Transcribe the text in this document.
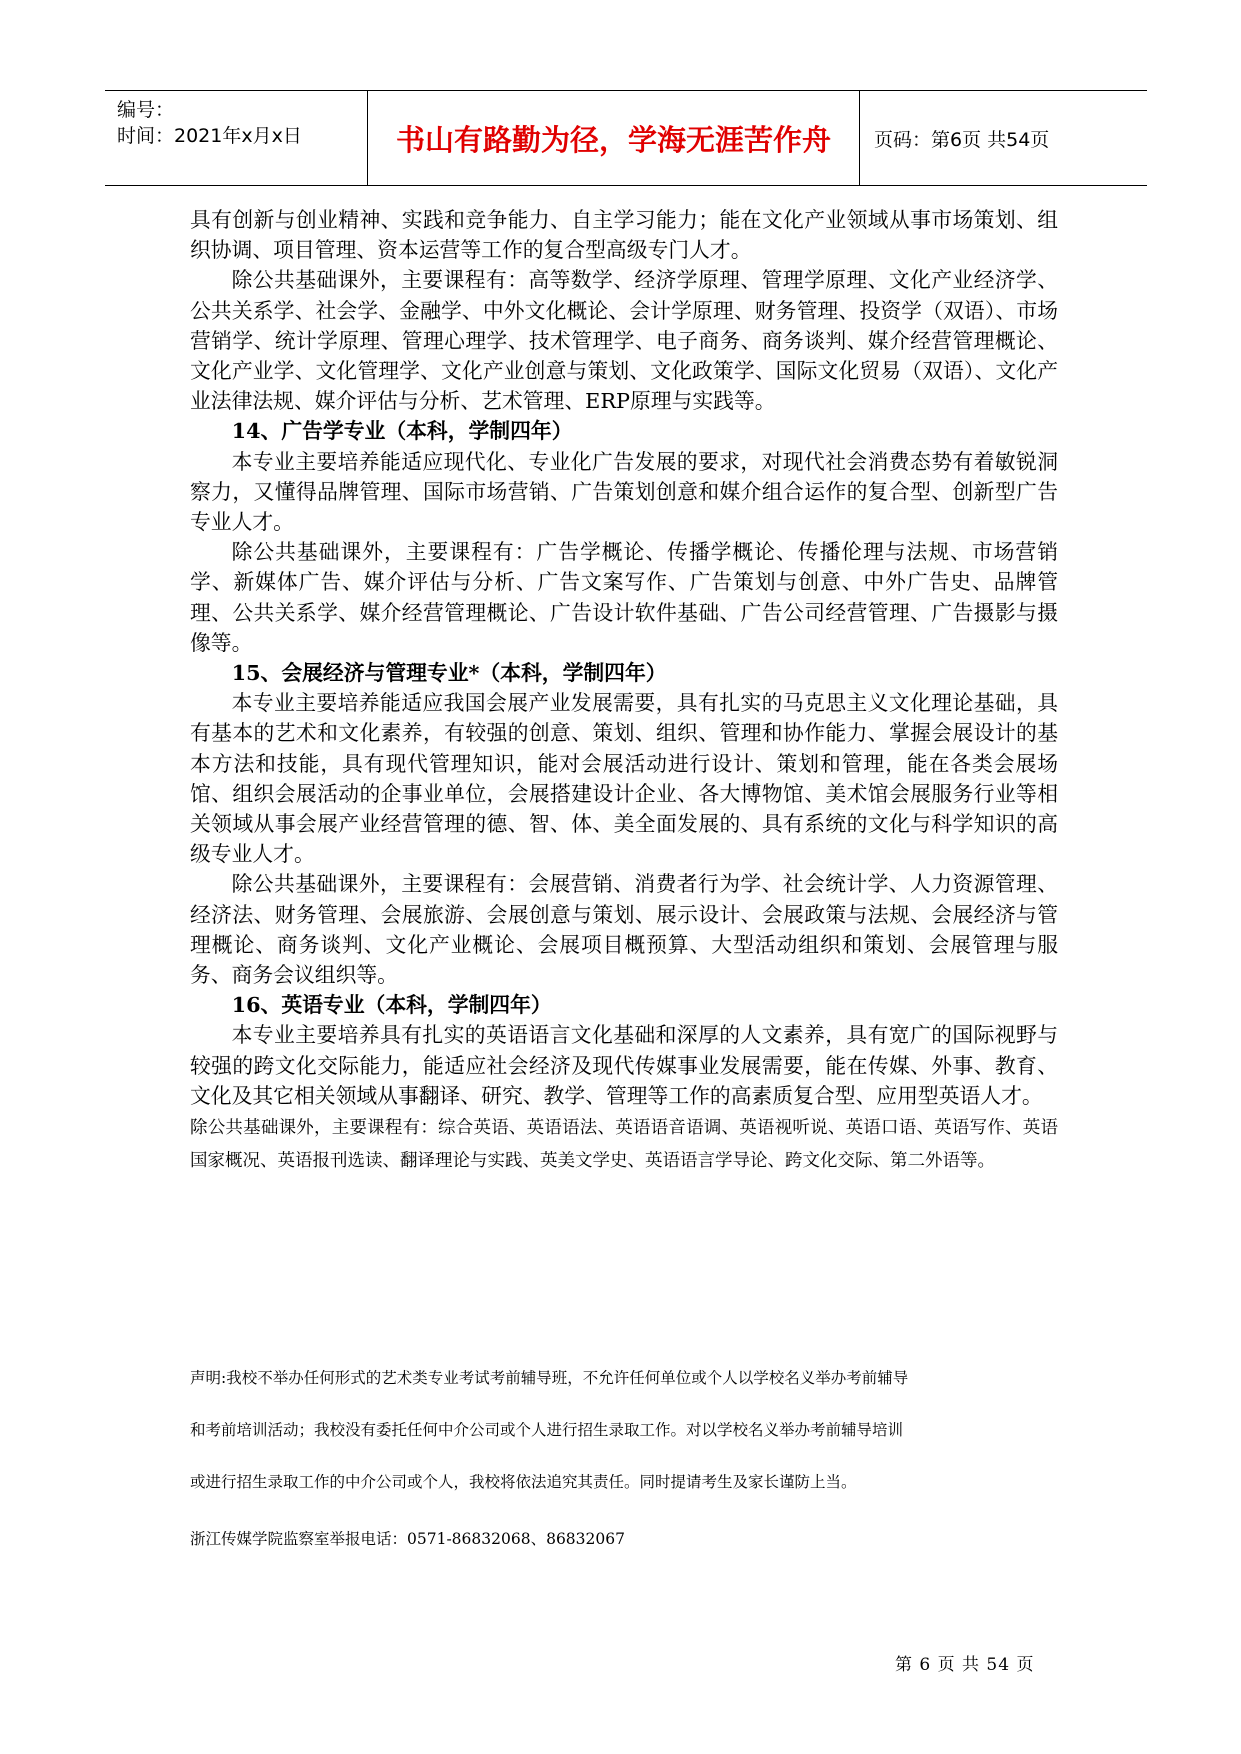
编号：
时间：2021年x月x日	书山有路勤为径，学海无涯苦作舟	页码：第6页 共54页

具有创新与创业精神、实践和竞争能力、自主学习能力；能在文化产业领域从事市场策划、组织协调、项目管理、资本运营等工作的复合型高级专门人才。

除公共基础课外，主要课程有：高等数学、经济学原理、管理学原理、文化产业经济学、公共关系学、社会学、金融学、中外文化概论、会计学原理、财务管理、投资学（双语）、市场营销学、统计学原理、管理心理学、技术管理学、电子商务、商务谈判、媒介经营管理概论、文化产业学、文化管理学、文化产业创意与策划、文化政策学、国际文化贸易（双语）、文化产业法律法规、媒介评估与分析、艺术管理、ERP原理与实践等。

14、广告学专业（本科，学制四年）

本专业主要培养能适应现代化、专业化广告发展的要求，对现代社会消费态势有着敏锐洞察力，又懂得品牌管理、国际市场营销、广告策划创意和媒介组合运作的复合型、创新型广告专业人才。

除公共基础课外，主要课程有：广告学概论、传播学概论、传播伦理与法规、市场营销学、新媒体广告、媒介评估与分析、广告文案写作、广告策划与创意、中外广告史、品牌管理、公共关系学、媒介经营管理概论、广告设计软件基础、广告公司经营管理、广告摄影与摄像等。

15、会展经济与管理专业*（本科，学制四年）

本专业主要培养能适应我国会展产业发展需要，具有扎实的马克思主义文化理论基础，具有基本的艺术和文化素养，有较强的创意、策划、组织、管理和协作能力、掌握会展设计的基本方法和技能，具有现代管理知识，能对会展活动进行设计、策划和管理，能在各类会展场馆、组织会展活动的企事业单位，会展搭建设计企业、各大博物馆、美术馆会展服务行业等相关领域从事会展产业经营管理的德、智、体、美全面发展的、具有系统的文化与科学知识的高级专业人才。

除公共基础课外，主要课程有：会展营销、消费者行为学、社会统计学、人力资源管理、经济法、财务管理、会展旅游、会展创意与策划、展示设计、会展政策与法规、会展经济与管理概论、商务谈判、文化产业概论、会展项目概预算、大型活动组织和策划、会展管理与服务、商务会议组织等。

16、英语专业（本科，学制四年）

本专业主要培养具有扎实的英语语言文化基础和深厚的人文素养，具有宽广的国际视野与较强的跨文化交际能力，能适应社会经济及现代传媒事业发展需要，能在传媒、外事、教育、文化及其它相关领域从事翻译、研究、教学、管理等工作的高素质复合型、应用型英语人才。

除公共基础课外，主要课程有：综合英语、英语语法、英语语音语调、英语视听说、英语口语、英语写作、英语国家概况、英语报刊选读、翻译理论与实践、英美文学史、英语语言学导论、跨文化交际、第二外语等。

声明:我校不举办任何形式的艺术类专业考试考前辅导班，不允许任何单位或个人以学校名义举办考前辅导

和考前培训活动；我校没有委托任何中介公司或个人进行招生录取工作。对以学校名义举办考前辅导培训

或进行招生录取工作的中介公司或个人，我校将依法追究其责任。同时提请考生及家长谨防上当。

浙江传媒学院监察室举报电话：0571-86832068、86832067
第 6 页 共 54 页
